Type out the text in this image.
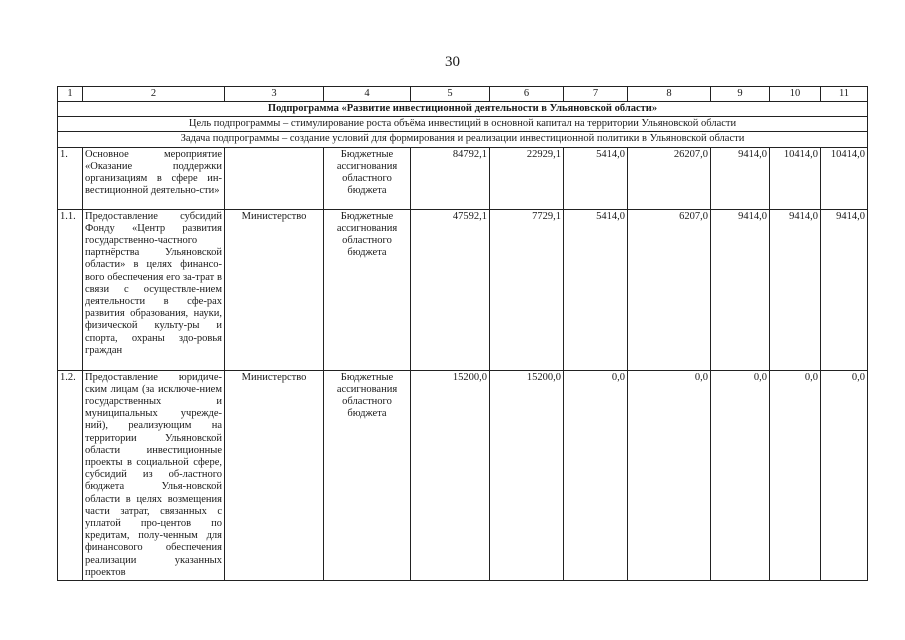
30
1	2	3	4	5	6	7	8	9	10	11
Подпрограмма «Развитие инвестиционной деятельности в Ульяновской области»										
Цель подпрограммы – стимулирование роста объёма инвестиций в основной капитал на территории Ульяновской области										
Задача подпрограммы – создание условий для формирования и реализации инвестиционной политики в Ульяновской области										
1.	Основное мероприятие «Оказание поддержки организациям в сфере ин-вестиционной деятельно-сти»		Бюджетные ассигнования областного бюджета	84792,1	22929,1	5414,0	26207,0	9414,0	10414,0	10414,0
1.1.	Предоставление субсидий Фонду «Центр развития государственно-частного партнёрства Ульяновской области» в целях финансо-вого обеспечения его за-трат в связи с осуществле-нием деятельности в сфе-рах развития образования, науки, физической культу-ры и спорта, охраны здо-ровья граждан	Министерство	Бюджетные ассигнования областного бюджета	47592,1	7729,1	5414,0	6207,0	9414,0	9414,0	9414,0
1.2.	Предоставление юридиче-ским лицам (за исключе-нием государственных и муниципальных учрежде-ний), реализующим на территории Ульяновской области инвестиционные проекты в социальной сфере, субсидий из об-ластного бюджета Улья-новской области в целях возмещения части затрат, связанных с уплатой про-центов по кредитам, полу-ченным для финансового обеспечения реализации указанных проектов	Министерство	Бюджетные ассигнования областного бюджета	15200,0	15200,0	0,0	0,0	0,0	0,0	0,0
